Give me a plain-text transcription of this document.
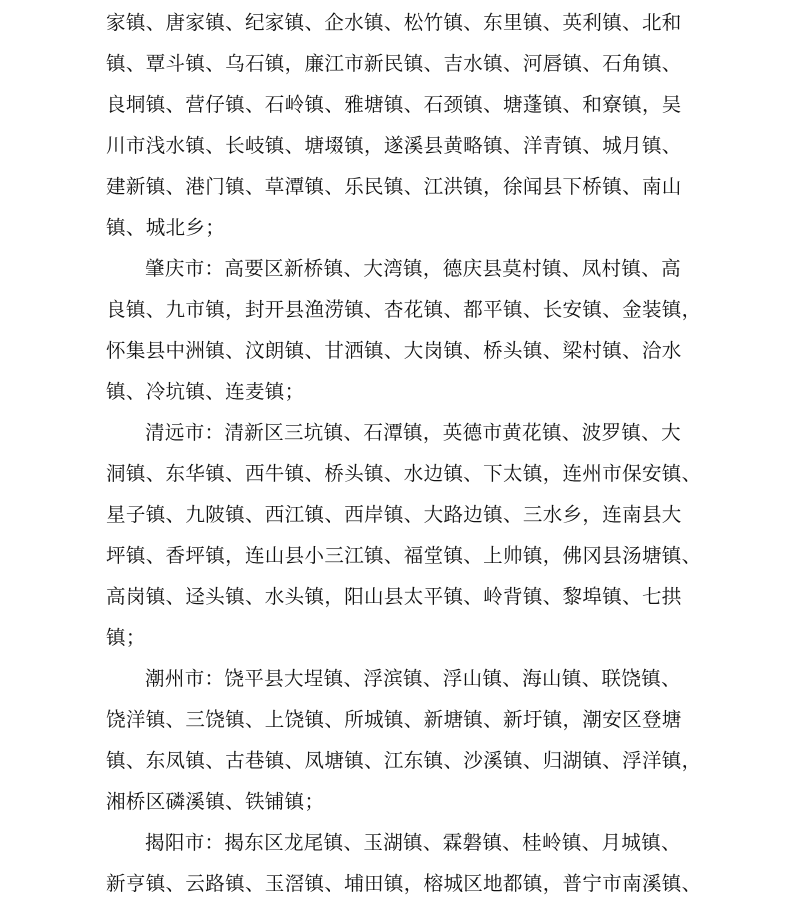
家镇、唐家镇、纪家镇、企水镇、松竹镇、东里镇、英利镇、北和
镇、覃斗镇、乌石镇，廉江市新民镇、吉水镇、河唇镇、石角镇、
良垌镇、营仔镇、石岭镇、雅塘镇、石颈镇、塘蓬镇、和寮镇，吴
川市浅水镇、长岐镇、塘㙍镇，遂溪县黄略镇、洋青镇、城月镇、
建新镇、港门镇、草潭镇、乐民镇、江洪镇，徐闻县下桥镇、南山
镇、城北乡；
肇庆市：高要区新桥镇、大湾镇，德庆县莫村镇、凤村镇、高
良镇、九市镇，封开县渔涝镇、杏花镇、都平镇、长安镇、金装镇，
怀集县中洲镇、汶朗镇、甘洒镇、大岗镇、桥头镇、梁村镇、洽水
镇、冷坑镇、连麦镇；
清远市：清新区三坑镇、石潭镇，英德市黄花镇、波罗镇、大
洞镇、东华镇、西牛镇、桥头镇、水边镇、下太镇，连州市保安镇、
星子镇、九陂镇、西江镇、西岸镇、大路边镇、三水乡，连南县大
坪镇、香坪镇，连山县小三江镇、福堂镇、上帅镇，佛冈县汤塘镇、
高岗镇、迳头镇、水头镇，阳山县太平镇、岭背镇、黎埠镇、七拱
镇；
潮州市：饶平县大埕镇、浮滨镇、浮山镇、海山镇、联饶镇、
饶洋镇、三饶镇、上饶镇、所城镇、新塘镇、新圩镇，潮安区登塘
镇、东凤镇、古巷镇、凤塘镇、江东镇、沙溪镇、归湖镇、浮洋镇，
湘桥区磷溪镇、铁铺镇；
揭阳市：揭东区龙尾镇、玉湖镇、霖磐镇、桂岭镇、月城镇、
新亨镇、云路镇、玉滘镇、埔田镇，榕城区地都镇，普宁市南溪镇、
